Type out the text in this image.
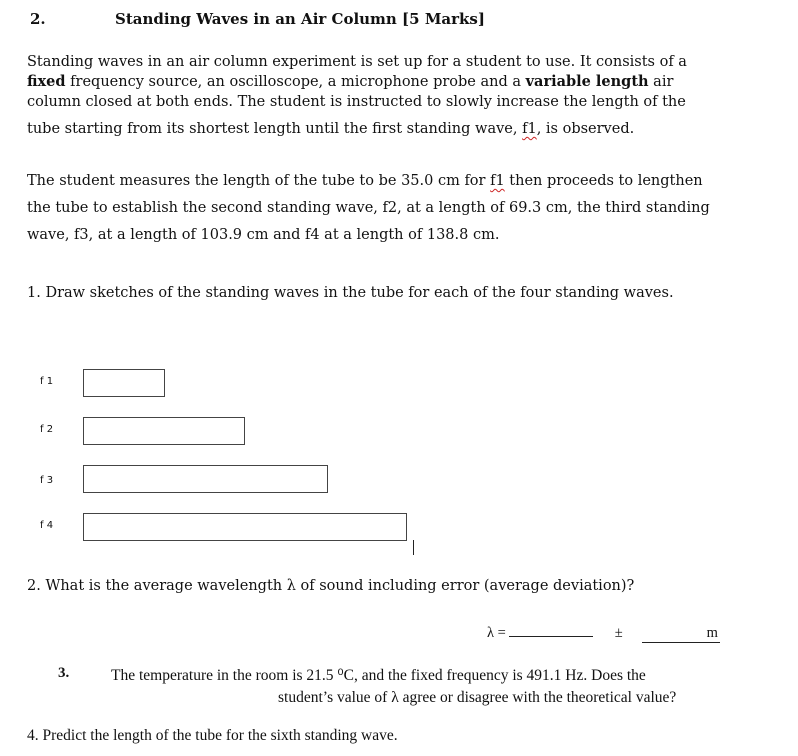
2.	Standing Waves in an Air Column [5 Marks]
Standing waves in an air column experiment is set up for a student to use. It consists of a
fixed frequency source, an oscilloscope, a microphone probe and a variable length air
column closed at both ends. The student is instructed to slowly increase the length of the
tube starting from its shortest length until the first standing wave, f1, is observed.
The student measures the length of the tube to be 35.0 cm for f1 then proceeds to lengthen
the tube to establish the second standing wave, f2, at a length of 69.3 cm, the third standing
wave, f3, at a length of 103.9 cm and f4 at a length of 138.8 cm.
1. Draw sketches of the standing waves in the tube for each of the four standing waves.
f 1
f 2
f 3
f 4
2. What is the average wavelength λ of sound including error (average deviation)?
λ =	±	m
3.	The temperature in the room is 21.5 ⁰C, and the fixed frequency is 491.1 Hz. Does the
student’s value of λ agree or disagree with the theoretical value?
4. Predict the length of the tube for the sixth standing wave.
